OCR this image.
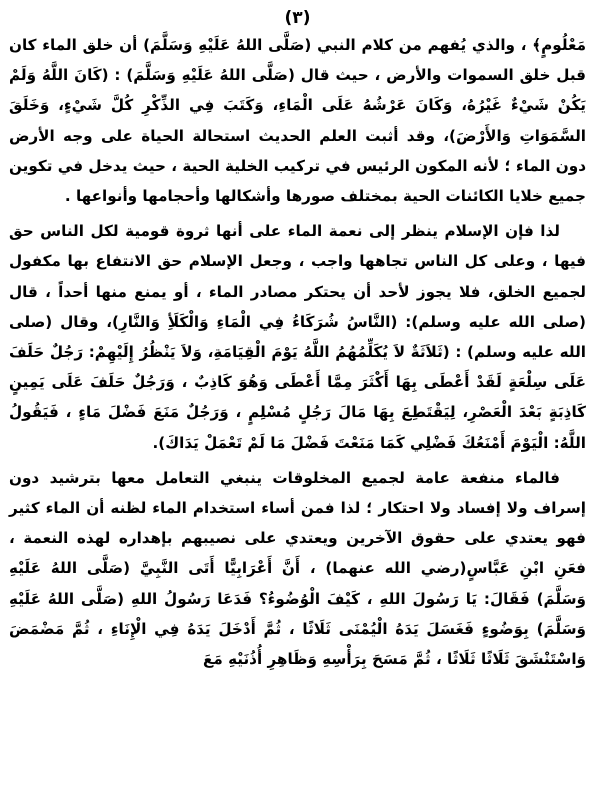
(٣)

مَعْلُومٍ﴾ ، والذي يُفهم من كلام النبي (صَلَّى اللهُ عَلَيْهِ وَسَلَّمَ) أن خلق الماء كان قبل خلق السموات والأرض ، حيث قال (صَلَّى اللهُ عَلَيْهِ وَسَلَّمَ) : (كَانَ اللَّهُ وَلَمْ يَكُنْ شَيْءٌ غَيْرُهُ، وَكَانَ عَرْشُهُ عَلَى الْمَاءِ، وَكَتَبَ فِي الذِّكْرِ كُلَّ شَيْءٍ، وَخَلَقَ السَّمَوَاتِ وَالأَرْضَ)، وقد أثبت العلم الحديث استحالة الحياة على وجه الأرض دون الماء ؛ لأنه المكون الرئيس في تركيب الخلية الحية ، حيث يدخل في تكوين جميع خلايا الكائنات الحية بمختلف صورها وأشكالها وأحجامها وأنواعها .

لذا فإن الإسلام ينظر إلى نعمة الماء على أنها ثروة قومية لكل الناس حق فيها ، وعلى كل الناس تجاهها واجب ، وجعل الإسلام حق الانتفاع بها مكفول لجميع الخلق، فلا يجوز لأحد أن يحتكر مصادر الماء ، أو يمنع منها أحداً ، قال (صلى الله عليه وسلم): (النَّاسُ شُرَكَاءُ فِي الْمَاءِ وَالْكَلَأِ وَالنَّارِ)، وقال (صلى الله عليه وسلم) : (ثَلاَثَةٌ لاَ يُكَلِّمُهُمُ اللَّهُ يَوْمَ الْقِيَامَةِ، وَلاَ يَنْظُرُ إِلَيْهِمْ: رَجُلٌ حَلَفَ عَلَى سِلْعَةٍ لَقَدْ أَعْطَى بِهَا أَكْثَرَ مِمَّا أَعْطَى وَهُوَ كَاذِبٌ ، وَرَجُلٌ حَلَفَ عَلَى يَمِينٍ كَاذِبَةٍ بَعْدَ الْعَصْرِ، لِيَقْتَطِعَ بِهَا مَالَ رَجُلٍ مُسْلِمٍ ، وَرَجُلٌ مَنَعَ فَضْلَ مَاءٍ ، فَيَقُولُ اللَّهُ: الْيَوْمَ أَمْنَعُكَ فَضْلِي كَمَا مَنَعْتَ فَضْلَ مَا لَمْ تَعْمَلْ يَدَاكَ).

فالماء منفعة عامة لجميع المخلوقات ينبغي التعامل معها بترشيد دون إسراف ولا إفساد ولا احتكار ؛ لذا فمن أساء استخدام الماء لظنه أن الماء كثير فهو يعتدي على حقوق الآخرين ويعتدي على نصيبهم بإهداره لهذه النعمة ، فعَنِ ابْنِ عَبَّاسٍ(رضي الله عنهما) ، أَنَّ أَعْرَابِيًّا أَتَى النَّبِيَّ (صَلَّى اللهُ عَلَيْهِ وَسَلَّمَ) فَقَالَ: يَا رَسُولَ اللهِ ، كَيْفَ الْوُضُوءُ؟ فَدَعَا رَسُولُ اللهِ (صَلَّى اللهُ عَلَيْهِ وَسَلَّمَ) بِوَضُوءٍ فَغَسَلَ يَدَهُ الْيُمْنَى ثَلَاثًا ، ثُمَّ أَدْخَلَ يَدَهُ فِي الْإِنَاءِ ، ثُمَّ مَضْمَضَ وَاسْتَنْشَقَ ثَلَاثًا ثَلَاثًا ، ثُمَّ مَسَحَ بِرَأْسِهِ وَظَاهِرِ أُذُنَيْهِ مَعَ
